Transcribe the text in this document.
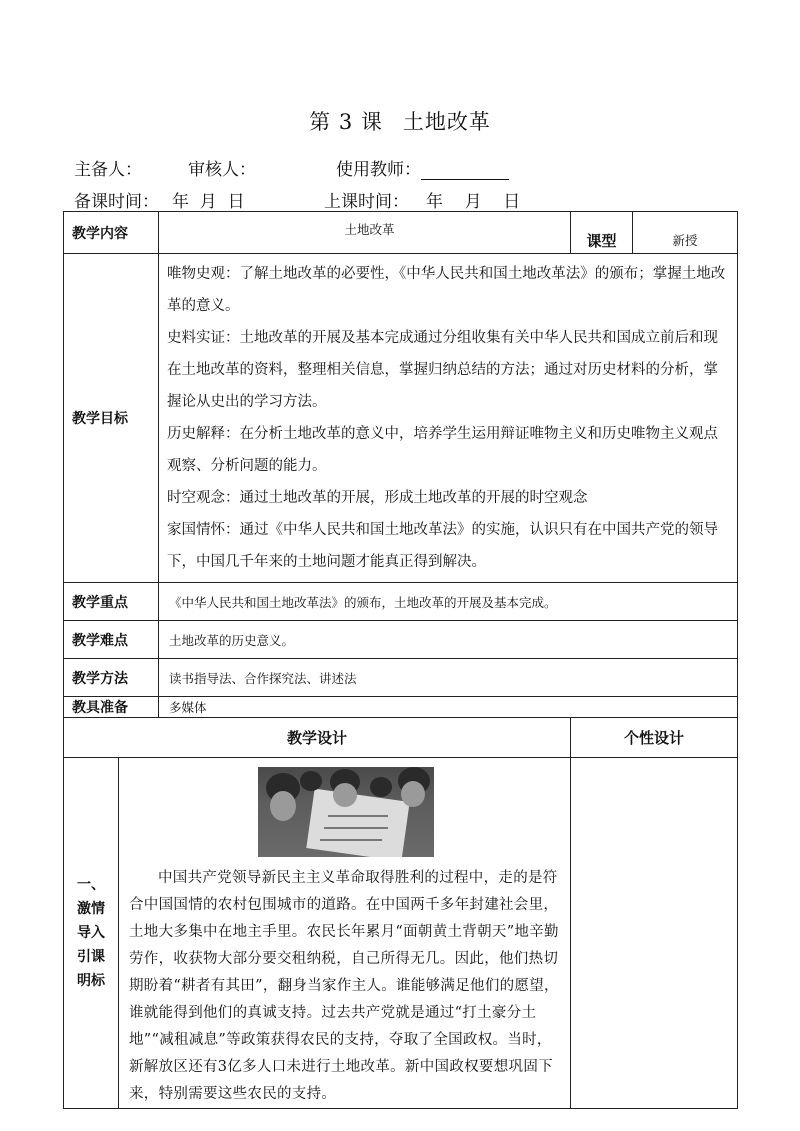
第 3 课 土地改革
主备人：	审核人：	使用教师：
备课时间： 年  月  日	上课时间： 年    月    日
教学内容		土地改革	课型	新授
教学目标		唯物史观：了解土地改革的必要性，《中华人民共和国土地改革法》的颁布；掌握土地改革的意义。

史料实证：土地改革的开展及基本完成通过分组收集有关中华人民共和国成立前后和现在土地改革的资料，整理相关信息，掌握归纳总结的方法；通过对历史材料的分析，掌握论从史出的学习方法。

历史解释：在分析土地改革的意义中，培养学生运用辩证唯物主义和历史唯物主义观点观察、分析问题的能力。

时空观念：通过土地改革的开展，形成土地改革的开展的时空观念

家国情怀：通过《中华人民共和国土地改革法》的实施，认识只有在中国共产党的领导下，中国几千年来的土地问题才能真正得到解决。		

教学重点		《中华人民共和国土地改革法》的颁布，土地改革的开展及基本完成。		
教学难点		土地改革的历史意义。		
教学方法		读书指导法、合作探究法、讲述法		
教具准备		多媒体		
教学设计			个性设计	

一、激情导入引课明标	中国共产党领导新民主主义革命取得胜利的过程中，走的是符合中国国情的农村包围城市的道路。在中国两千多年封建社会里，土地大多集中在地主手里。农民长年累月“面朝黄土背朝天”地辛勤劳作，收获物大部分要交租纳税，自己所得无几。因此，他们热切期盼着“耕者有其田”，翻身当家作主人。谁能够满足他们的愿望，谁就能得到他们的真诚支持。过去共产党就是通过“打土豪分土地”“减租减息”等政策获得农民的支持，夺取了全国政权。当时，新解放区还有3亿多人口未进行土地改革。新中国政权要想巩固下来，特别需要这些农民的支持。			
